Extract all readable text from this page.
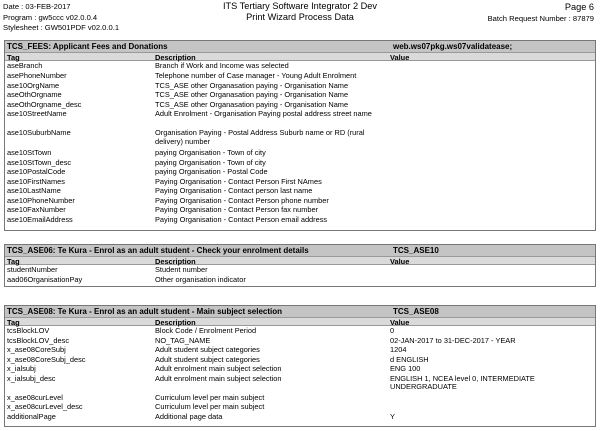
Date : 03-FEB-2017
Program : gw5ccc v02.0.0.4
Stylesheet : GW501PDF v02.0.0.1
ITS Tertiary Software Integrator 2 Dev
Print Wizard Process Data
Page 6
Batch Request Number : 87879
TCS_FEES: Applicant Fees and Donations	web.ws07pkg.ws07validatease;
Tag	Description	Value
aseBranch	Branch if Work and Income was selected
asePhoneNumber	Telephone number of Case manager - Young Adult Enrolment
ase10OrgName	TCS_ASE other Organasation paying - Organisation Name
aseOthOrgname	TCS_ASE other Organasation paying - Organisation Name
aseOthOrgname_desc	TCS_ASE other Organasation paying - Organisation Name
ase10StreetName	Adult Enrolment - Organisation Paying postal address street name
ase10SuburbName	Organisation Paying - Postal Address Suburb name or RD (rural delivery) number
ase10StTown	paying Organisation - Town of city
ase10StTown_desc	paying Organisation - Town of city
ase10PostalCode	paying Organisation - Postal Code
ase10FirstNames	Paying Organisation - Contact Person First NAmes
ase10LastName	Paying Organisation - Contact person last name
ase10PhoneNumber	Paying Organisation - Contact Person phone number
ase10FaxNumber	Paying Organisation - Contact Person fax number
ase10EmailAddress	Paying Organisation - Contact Person email address
TCS_ASE06: Te Kura - Enrol as an adult student - Check your enrolment details	TCS_ASE10
Tag	Description	Value
studentNumber	Student number
aad06OrganisationPay	Other organisation indicator
TCS_ASE08: Te Kura - Enrol as an adult student - Main subject selection	TCS_ASE08
Tag	Description	Value
tcsBlockLOV	Block Code / Enrolment Period	0
tcsBlockLOV_desc	NO_TAG_NAME	02-JAN-2017 to 31-DEC-2017 - YEAR
x_ase08CoreSubj	Adult student subject categories	1204
x_ase08CoreSubj_desc	Adult student subject categories	d ENGLISH
x_ialsubj	Adult enrolment main subject selection	ENG 100
x_ialsubj_desc	Adult enrolment main subject selection	ENGLISH 1, NCEA level 0, INTERMEDIATE UNDERGRADUATE
x_ase08curLevel	Curriculum level per main subject
x_ase08curLevel_desc	Curriculum level per main subject
additionalPage	Additional page data	Y
